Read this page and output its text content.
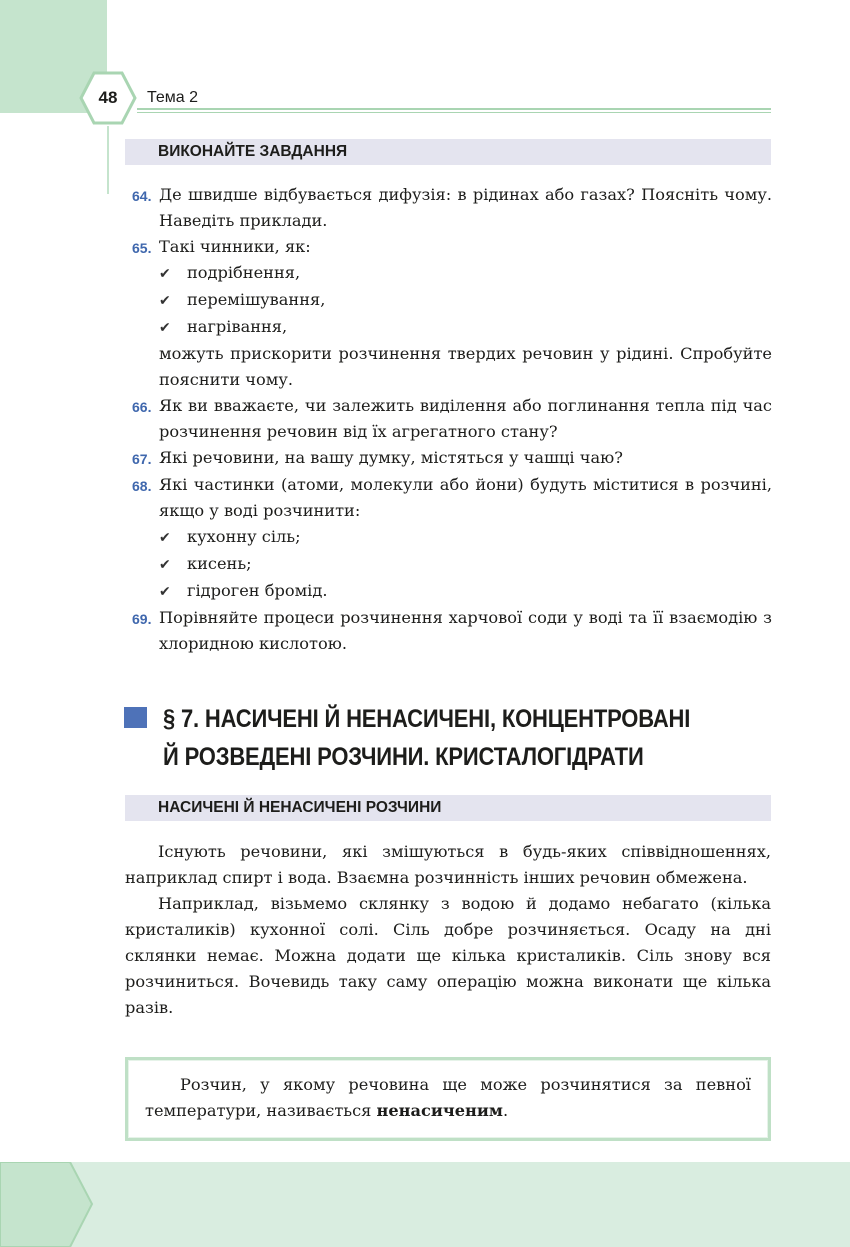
48	Тема 2
ВИКОНАЙТЕ ЗАВДАННЯ
64. Де швидше відбувається дифузія: в рідинах або газах? Поясніть чому. Наведіть приклади.
65. Такі чинники, як:
✔	подрібнення,
✔	перемішування,
✔	нагрівання,
можуть прискорити розчинення твердих речовин у рідині. Спробуйте пояснити чому.
66. Як ви вважаєте, чи залежить виділення або поглинання тепла під час розчинення речовин від їх агрегатного стану?
67. Які речовини, на вашу думку, містяться у чашці чаю?
68. Які частинки (атоми, молекули або йони) будуть міститися в розчині, якщо у воді розчинити:
✔	кухонну сіль;
✔	кисень;
✔	гідроген бромід.
69. Порівняйте процеси розчинення харчової соди у воді та її взаємодію з хлоридною кислотою.
§ 7. НАСИЧЕНІ Й НЕНАСИЧЕНІ, КОНЦЕНТРОВАНІ
Й РОЗВЕДЕНІ РОЗЧИНИ. КРИСТАЛОГІДРАТИ
НАСИЧЕНІ Й НЕНАСИЧЕНІ РОЗЧИНИ

Існують речовини, які змішуються в будь-яких співвідношеннях, наприклад спирт і вода. Взаємна розчинність інших речовин обмежена.

Наприклад, візьмемо склянку з водою й додамо небагато (кілька кристаликів) кухонної солі. Сіль добре розчиняється. Осаду на дні склянки немає. Можна додати ще кілька кристаликів. Сіль знову вся розчиниться. Вочевидь таку саму операцію можна виконати ще кілька разів.

Розчин, у якому речовина ще може розчинятися за певної температури, називається ненасиченим.
